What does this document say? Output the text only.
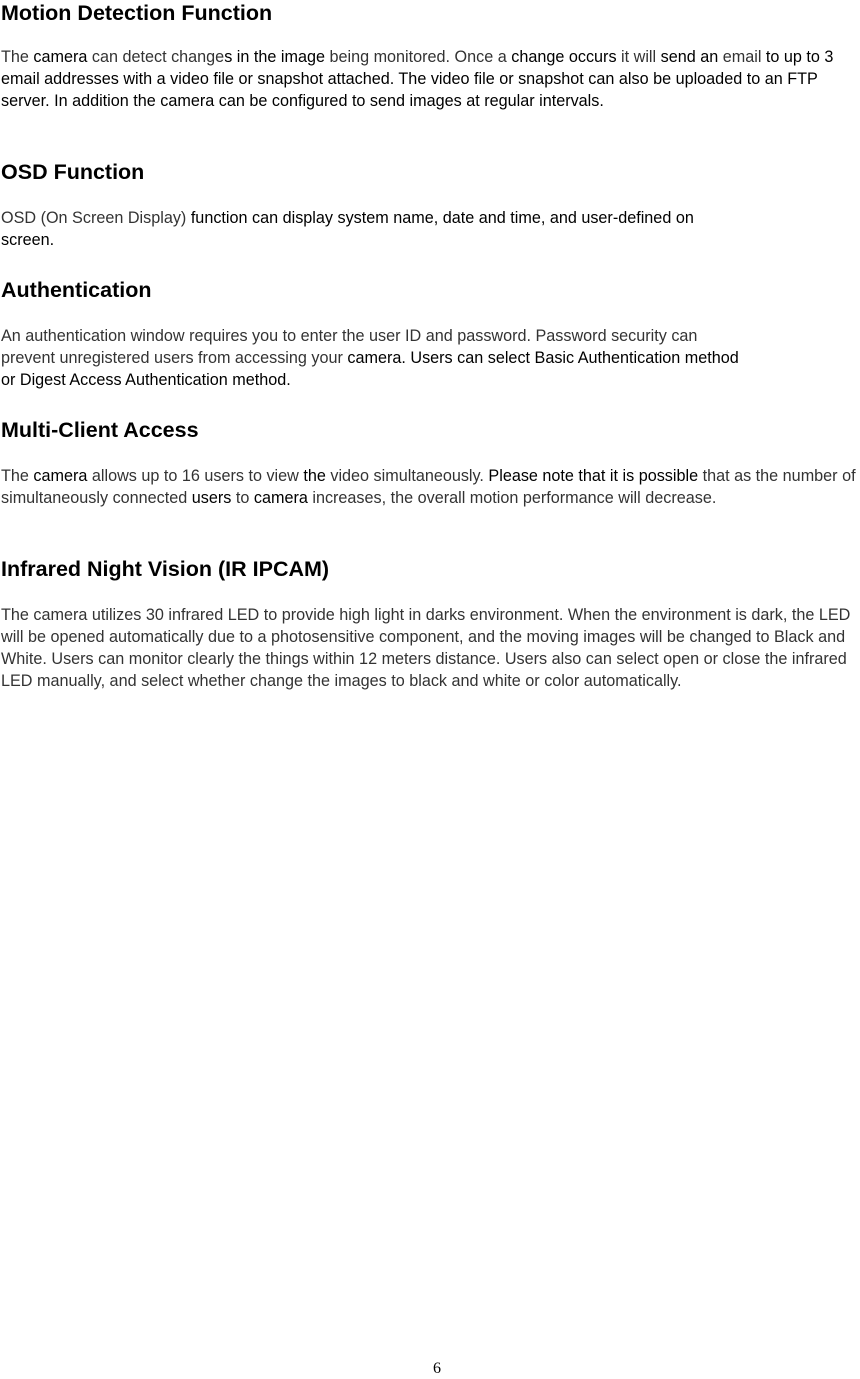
Motion Detection Function

The camera can detect changes in the image being monitored. Once a change occurs it will send an email to up to 3 email addresses with a video file or snapshot attached. The video file or snapshot can also be uploaded to an FTP server. In addition the camera can be configured to send images at regular intervals.

OSD Function

OSD (On Screen Display) function can display system name, date and time, and user-defined on
screen.

Authentication

An authentication window requires you to enter the user ID and password. Password security can
prevent unregistered users from accessing your camera. Users can select Basic Authentication method
or Digest Access Authentication method.

Multi-Client Access

The camera allows up to 16 users to view the video simultaneously. Please note that it is possible that as the number of simultaneously connected users to camera increases, the overall motion performance will decrease.

Infrared Night Vision (IR IPCAM)

The camera utilizes 30 infrared LED to provide high light in darks environment. When the environment is dark, the LED will be opened automatically due to a photosensitive component, and the moving images will be changed to Black and White. Users can monitor clearly the things within 12 meters distance. Users also can select open or close the infrared LED manually, and select whether change the images to black and white or color automatically.

6
